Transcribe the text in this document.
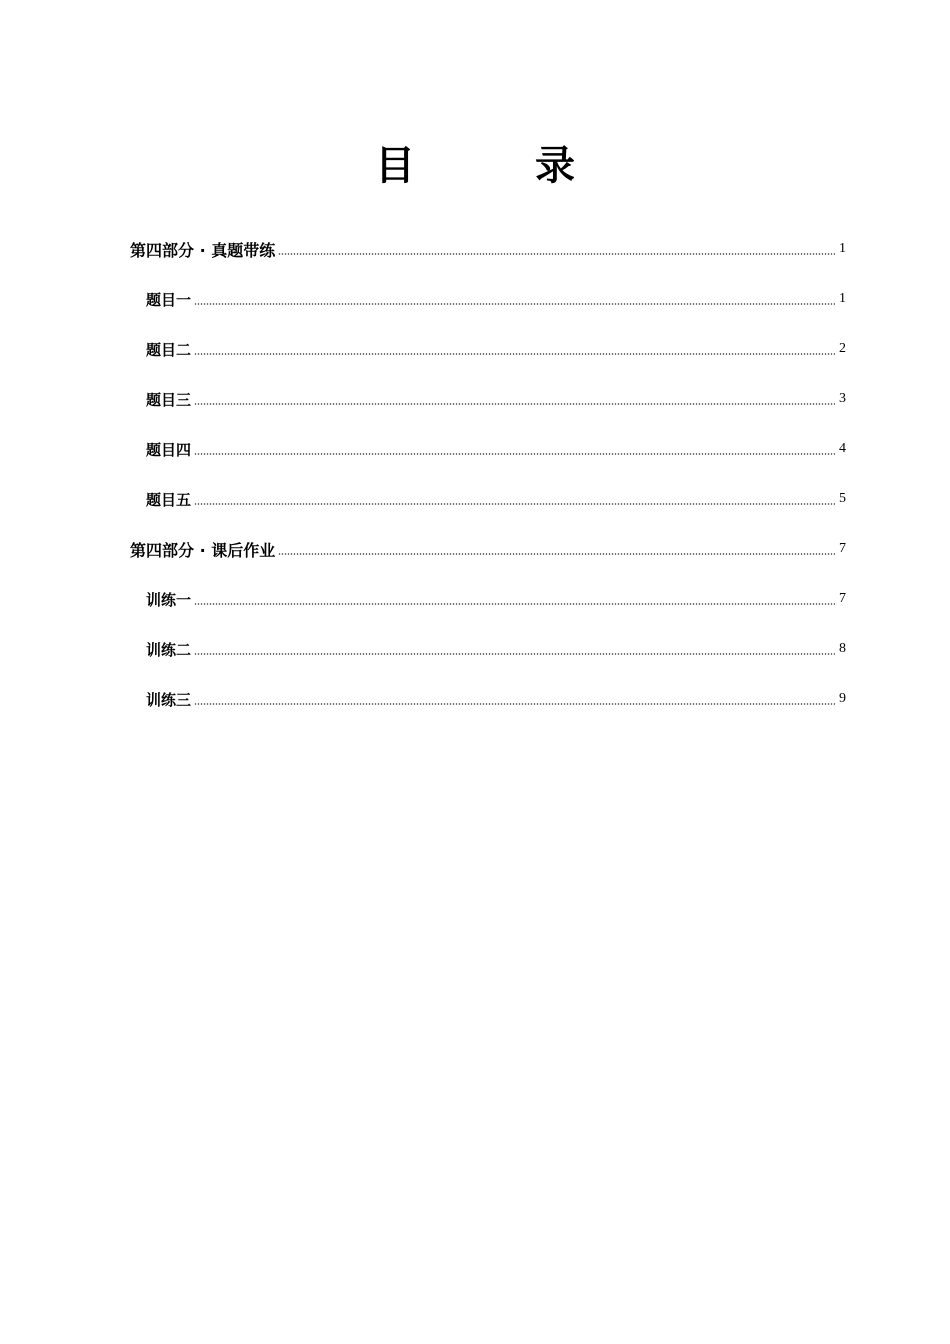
目　录
第四部分 · 真题带练	1
题目一	1
题目二	2
题目三	3
题目四	4
题目五	5
第四部分 · 课后作业	7
训练一	7
训练二	8
训练三	9
